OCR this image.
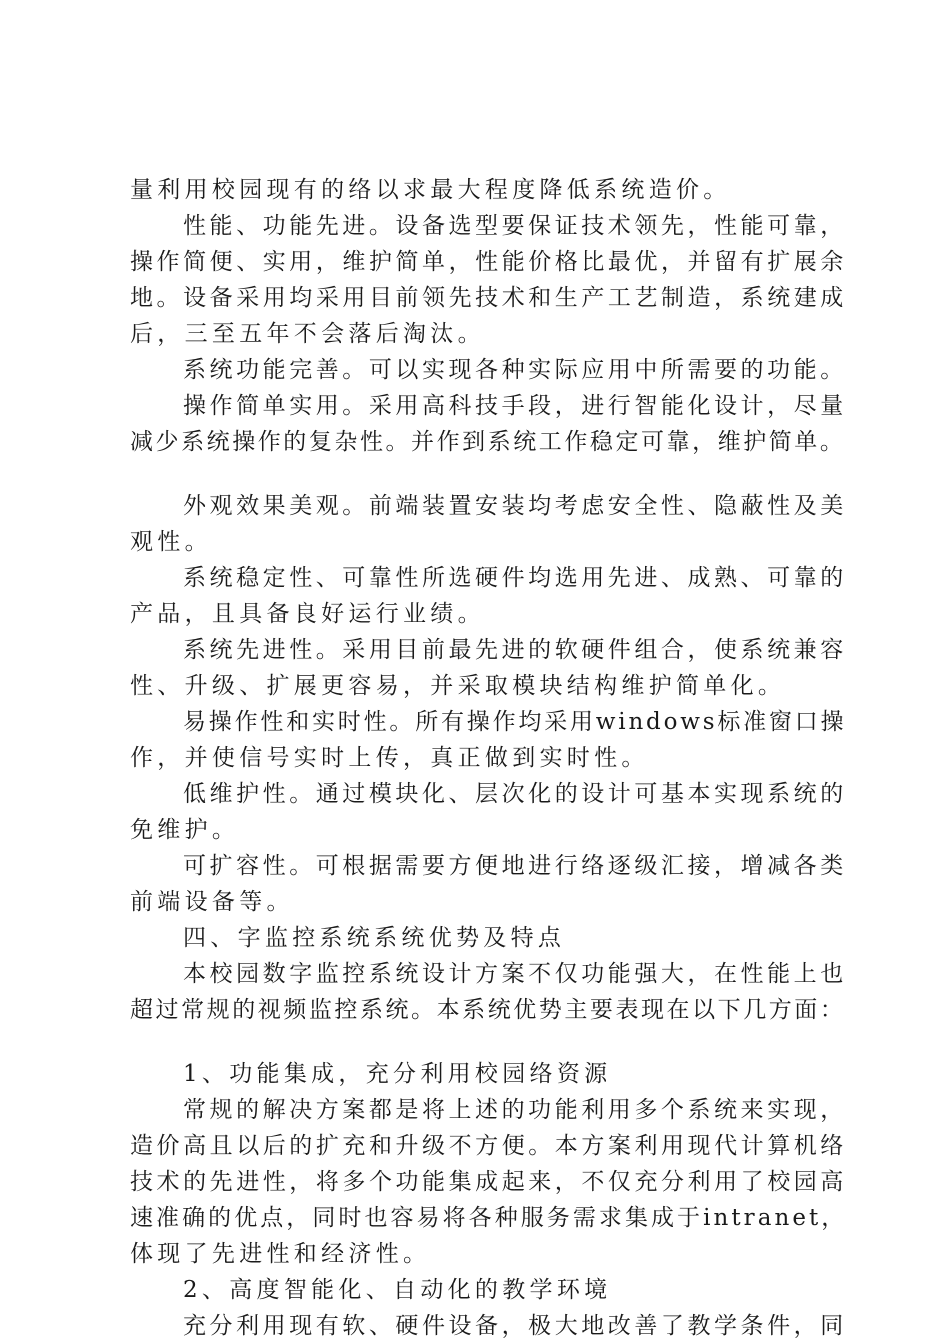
量利用校园现有的络以求最大程度降低系统造价。
性能、功能先进。设备选型要保证技术领先，性能可靠，
操作简便、实用，维护简单，性能价格比最优，并留有扩展余
地。设备采用均采用目前领先技术和生产工艺制造，系统建成
后，三至五年不会落后淘汰。
系统功能完善。可以实现各种实际应用中所需要的功能。
操作简单实用。采用高科技手段，进行智能化设计，尽量
减少系统操作的复杂性。并作到系统工作稳定可靠，维护简单。
外观效果美观。前端装置安装均考虑安全性、隐蔽性及美
观性。
系统稳定性、可靠性所选硬件均选用先进、成熟、可靠的
产品，且具备良好运行业绩。
系统先进性。采用目前最先进的软硬件组合，使系统兼容
性、升级、扩展更容易，并采取模块结构维护简单化。
易操作性和实时性。所有操作均采用windows标准窗口操
作，并使信号实时上传，真正做到实时性。
低维护性。通过模块化、层次化的设计可基本实现系统的
免维护。
可扩容性。可根据需要方便地进行络逐级汇接，增减各类
前端设备等。
四、字监控系统系统优势及特点
本校园数字监控系统设计方案不仅功能强大，在性能上也
超过常规的视频监控系统。本系统优势主要表现在以下几方面：
1、功能集成，充分利用校园络资源
常规的解决方案都是将上述的功能利用多个系统来实现，
造价高且以后的扩充和升级不方便。本方案利用现代计算机络
技术的先进性，将多个功能集成起来，不仅充分利用了校园高
速准确的优点，同时也容易将各种服务需求集成于intranet，
体现了先进性和经济性。
2、高度智能化、自动化的教学环境
充分利用现有软、硬件设备，极大地改善了教学条件，同
